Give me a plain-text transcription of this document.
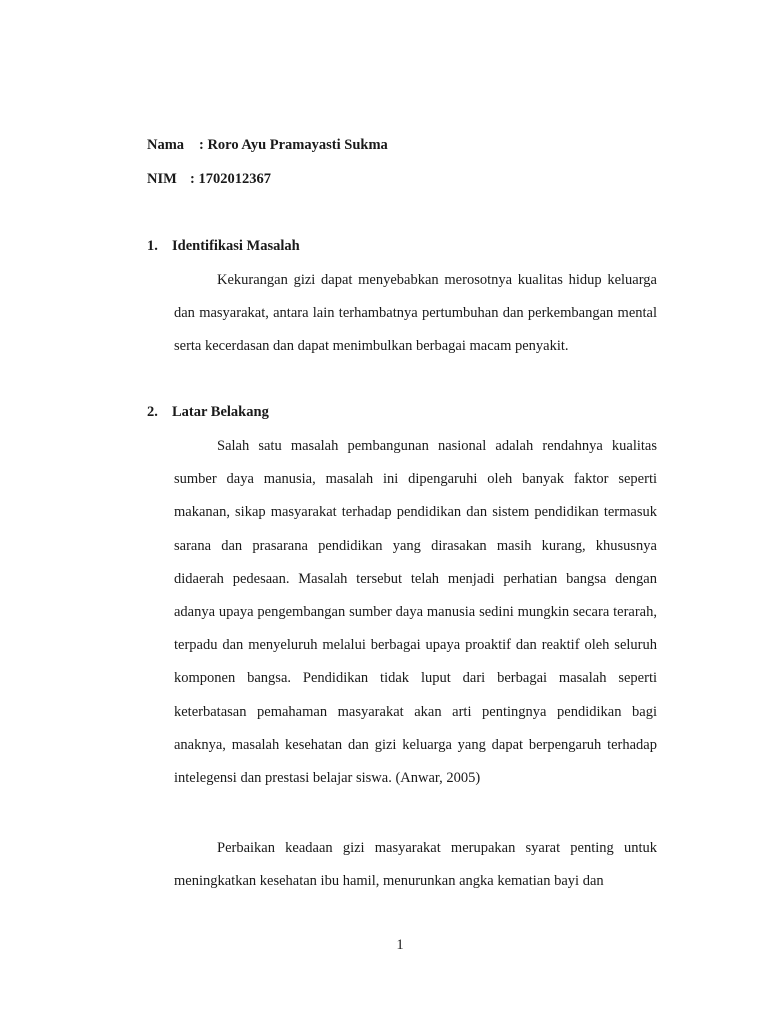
Nama : Roro Ayu Pramayasti Sukma
NIM : 1702012367
1. Identifikasi Masalah

Kekurangan gizi dapat menyebabkan merosotnya kualitas hidup keluarga dan masyarakat, antara lain terhambatnya pertumbuhan dan perkembangan mental serta kecerdasan dan dapat menimbulkan berbagai macam penyakit.

2. Latar Belakang

Salah satu masalah pembangunan nasional adalah rendahnya kualitas sumber daya manusia, masalah ini dipengaruhi oleh banyak faktor seperti makanan, sikap masyarakat terhadap pendidikan dan sistem pendidikan termasuk sarana dan prasarana pendidikan yang dirasakan masih kurang, khususnya didaerah pedesaan. Masalah tersebut telah menjadi perhatian bangsa dengan adanya upaya pengembangan sumber daya manusia sedini mungkin secara terarah, terpadu dan menyeluruh melalui berbagai upaya proaktif dan reaktif oleh seluruh komponen bangsa. Pendidikan tidak luput dari berbagai masalah seperti keterbatasan pemahaman masyarakat akan arti pentingnya pendidikan bagi anaknya, masalah kesehatan dan gizi keluarga yang dapat berpengaruh terhadap intelegensi dan prestasi belajar siswa. (Anwar, 2005)

Perbaikan keadaan gizi masyarakat merupakan syarat penting untuk meningkatkan kesehatan ibu hamil, menurunkan angka kematian bayi dan

1
